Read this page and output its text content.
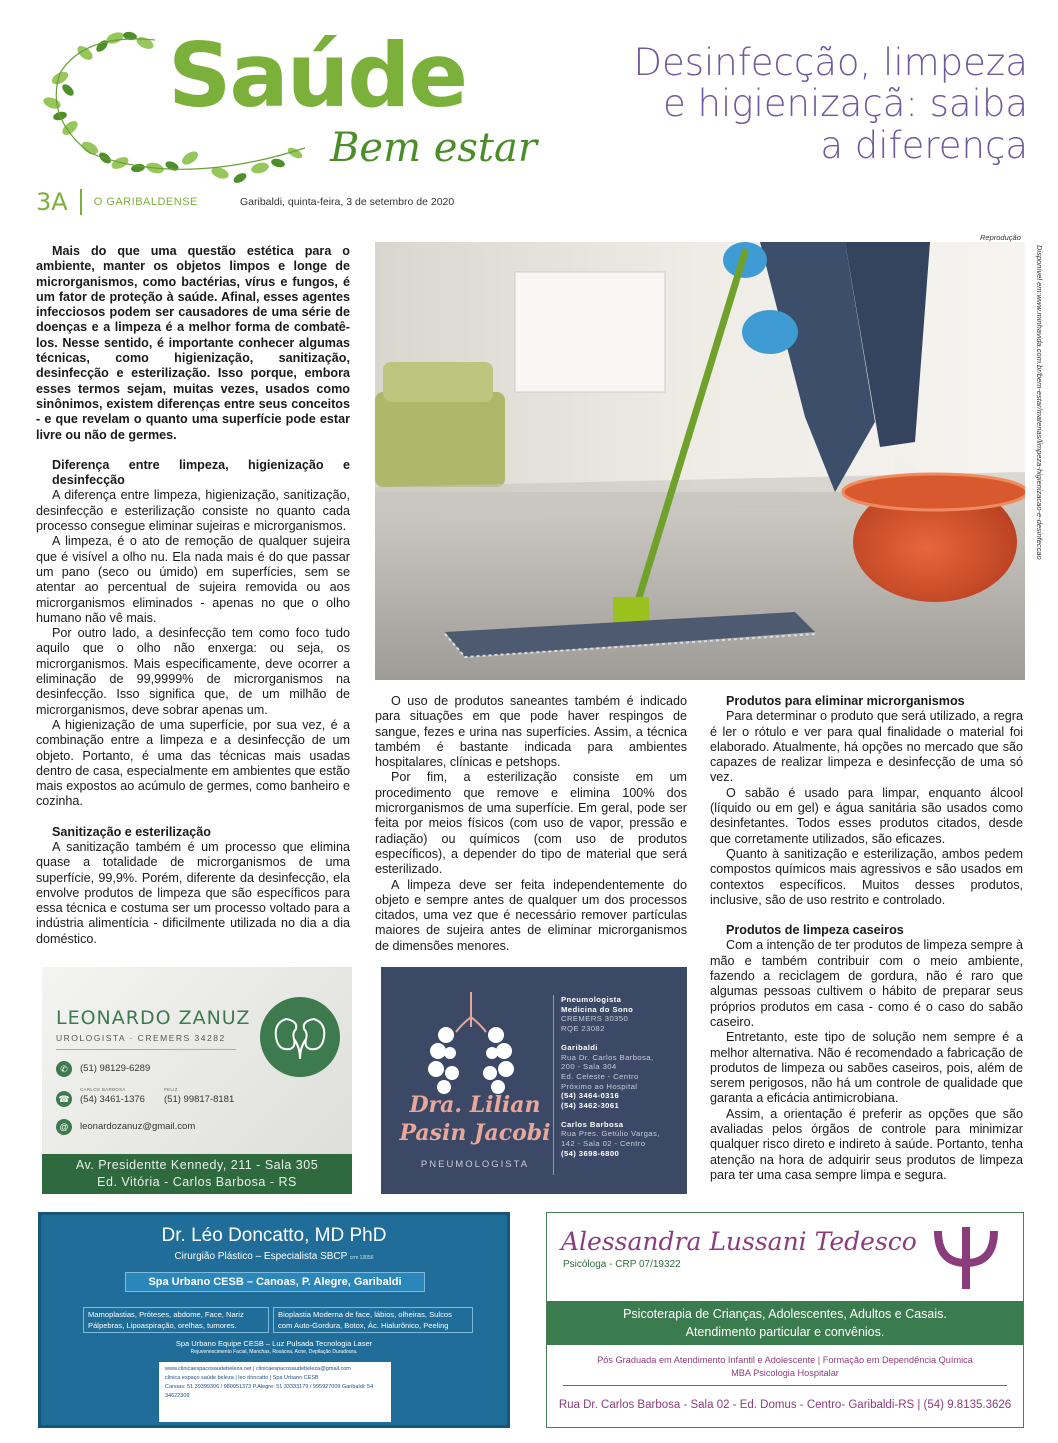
Saúde
Bem estar
Desinfecção, limpeza
e higienizaçã: saiba
a diferença
3A O GARIBALDENSE	Garibaldi, quinta-feira, 3 de setembro de 2020
Reprodução
Disponível em:www.minhavida.com.br/bem-estar/materias/limpeza-higienizacao-e-desinfeccao

Mais do que uma questão estética para o ambiente, manter os objetos limpos e longe de microrganismos, como bactérias, vírus e fungos, é um fator de proteção à saúde. Afinal, esses agentes infecciosos podem ser causadores de uma série de doenças e a limpeza é a melhor forma de combatê-los. Nesse sentido, é importante conhecer algumas técnicas, como higienização, sanitização, desinfecção e esterilização. Isso porque, embora esses termos sejam, muitas vezes, usados como sinônimos, existem diferenças entre seus conceitos - e que revelam o quanto uma superfície pode estar livre ou não de germes.

Diferença entre limpeza, higienização e desinfecção

A diferença entre limpeza, higienização, sanitização, desinfecção e esterilização consiste no quanto cada processo consegue eliminar sujeiras e microrganismos.

A limpeza, é o ato de remoção de qualquer sujeira que é visível a olho nu. Ela nada mais é do que passar um pano (seco ou úmido) em superfícies, sem se atentar ao percentual de sujeira removida ou aos microrganismos eliminados - apenas no que o olho humano não vê mais.

Por outro lado, a desinfecção tem como foco tudo aquilo que o olho não enxerga: ou seja, os microrganismos. Mais especificamente, deve ocorrer a eliminação de 99,9999% de microrganismos na desinfecção. Isso significa que, de um milhão de microrganismos, deve sobrar apenas um.

A higienização de uma superfície, por sua vez, é a combinação entre a limpeza e a desinfecção de um objeto. Portanto, é uma das técnicas mais usadas dentro de casa, especialmente em ambientes que estão mais expostos ao acúmulo de germes, como banheiro e cozinha.

Sanitização e esterilização

A sanitização também é um processo que elimina quase a totalidade de microrganismos de uma superfície, 99,9%. Porém, diferente da desinfecção, ela envolve produtos de limpeza que são específicos para essa técnica e costuma ser um processo voltado para a indústria alimentícia - dificilmente utilizada no dia a dia doméstico.

O uso de produtos saneantes também é indicado para situações em que pode haver respingos de sangue, fezes e urina nas superfícies. Assim, a técnica também é bastante indicada para ambientes hospitalares, clínicas e petshops.

Por fim, a esterilização consiste em um procedimento que remove e elimina 100% dos microrganismos de uma superfície. Em geral, pode ser feita por meios físicos (com uso de vapor, pressão e radiação) ou químicos (com uso de produtos específicos), a depender do tipo de material que será esterilizado.

A limpeza deve ser feita independentemente do objeto e sempre antes de qualquer um dos processos citados, uma vez que é necessário remover partículas maiores de sujeira antes de eliminar microrganismos de dimensões menores.

Produtos para eliminar microrganismos

Para determinar o produto que será utilizado, a regra é ler o rótulo e ver para qual finalidade o material foi elaborado. Atualmente, há opções no mercado que são capazes de realizar limpeza e desinfecção de uma só vez.

O sabão é usado para limpar, enquanto álcool (líquido ou em gel) e água sanitária são usados como desinfetantes. Todos esses produtos citados, desde que corretamente utilizados, são eficazes.

Quanto à sanitização e esterilização, ambos pedem compostos químicos mais agressivos e são usados em contextos específicos. Muitos desses produtos, inclusive, são de uso restrito e controlado.

Produtos de limpeza caseiros

Com a intenção de ter produtos de limpeza sempre à mão e também contribuir com o meio ambiente, fazendo a reciclagem de gordura, não é raro que algumas pessoas cultivem o hábito de preparar seus próprios produtos em casa - como é o caso do sabão caseiro.

Entretanto, este tipo de solução nem sempre é a melhor alternativa. Não é recomendado a fabricação de produtos de limpeza ou sabões caseiros, pois, além de serem perigosos, não há um controle de qualidade que garanta a eficácia antimicrobiana.

Assim, a orientação é preferir as opções que são avaliadas pelos órgãos de controle para minimizar qualquer risco direto e indireto à saúde. Portanto, tenha atenção na hora de adquirir seus produtos de limpeza para ter uma casa sempre limpa e segura.

LEONARDO ZANUZ
UROLOGISTA · CREMERS 34282
✆	(51) 98129-6289
CARLOS BARBOSA
☎ (54) 3461-1376
FELIZ
(51) 99817-8181
@	leonardozanuz@gmail.com
Av. Presidentte Kennedy, 211 - Sala 305
Ed. Vitória - Carlos Barbosa - RS
Dra. Lilian
Pasin Jacobi
PNEUMOLOGISTA
Pneumologista
Medicina do Sono
CREMERS 30350
RQE 23082
Garibaldi
Rua Dr. Carlos Barbosa,
200 - Sala 304
Ed. Celeste - Centro
Próximo ao Hospital
(54) 3464-0316
(54) 3462-3061
Carlos Barbosa
Rua Pres. Getúlio Vargas,
142 - Sala 02 - Centro
(54) 3698-6800
Dr. Léo Doncatto, MD PhD
Cirurgião Plástico – Especialista SBCP crm 13056
Spa Urbano CESB – Canoas, P. Alegre, Garibaldi
Mamoplastias, Próteses, abdome, Face, Nariz Pálpebras, Lipoaspiração, orelhas, tumores.
Bioplastia Moderna de face, lábios, olheiras, Sulcos com Auto-Gordura, Botox, Ác. Hialurônico, Peeling
Spa Urbano Equipe CESB – Luz Pulsada Tecnologia Laser
Rejuvenescimento Facial, Manchas, Rosácea, Acne, Depilação Duradoura.
www.clinicaespacosaudebeleza.net | clinicaespacosaudebeleza@gmail.com
clinica espaço saúde beleza | leo doncatto | Spa Urbano CESB
Canoas: 51 39399306 / 980051373 P.Alegre: 51 33333179 / 995927009 Garibaldi: 54 34622309
Alessandra Lussani Tedesco
Psicóloga - CRP 07/19322
Psicoterapia de Crianças, Adolescentes, Adultos e Casais.
Atendimento particular e convênios.
Pós Graduada em Atendimento Infantil e Adolescente | Formação em Dependência Química
MBA Psicologia Hospitalar
Rua Dr. Carlos Barbosa - Sala 02 - Ed. Domus - Centro- Garibaldi-RS | (54) 9.8135.3626
